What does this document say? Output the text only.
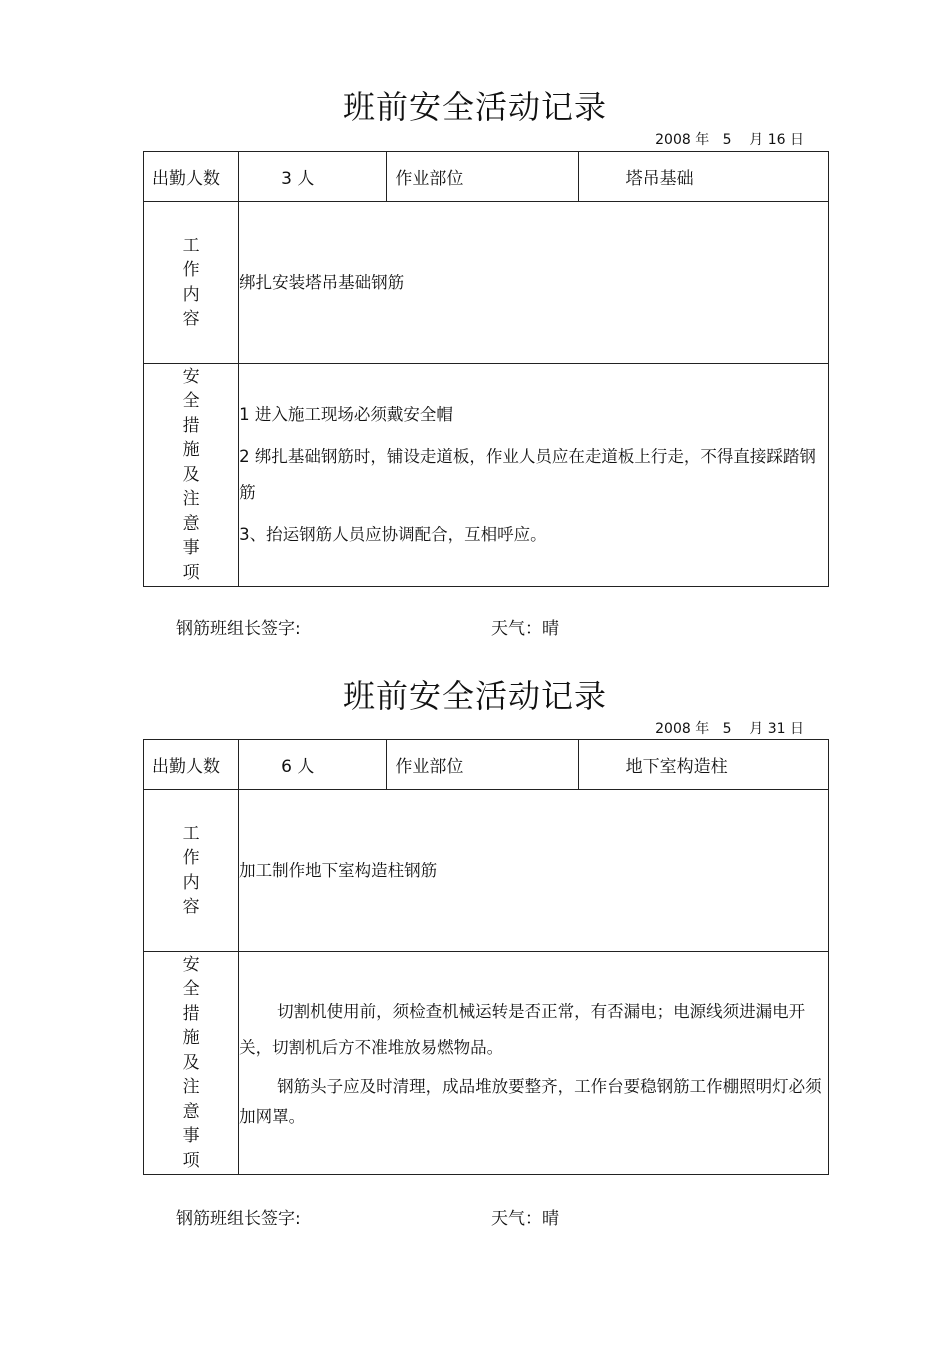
班前安全活动记录
2008 年   5    月 16 日
出勤人数	3 人	作业部位	塔吊基础

工作内容	绑扎安装塔吊基础钢筋		

安全措施及注意事项	1 进入施工现场必须戴安全帽

2 绑扎基础钢筋时，铺设走道板，作业人员应在走道板上行走，不得直接踩踏钢筋

3、抬运钢筋人员应协调配合，互相呼应。		

钢筋班组长签字:	天气：晴
班前安全活动记录
2008 年   5    月 31 日
出勤人数	6 人	作业部位	地下室构造柱

工作内容	加工制作地下室构造柱钢筋		

安全措施及注意事项	切割机使用前，须检查机械运转是否正常，有否漏电；电源线须进漏电开关，切割机后方不准堆放易燃物品。

钢筋头子应及时清理，成品堆放要整齐，工作台要稳钢筋工作棚照明灯必须加网罩。		

钢筋班组长签字:	天气：晴
